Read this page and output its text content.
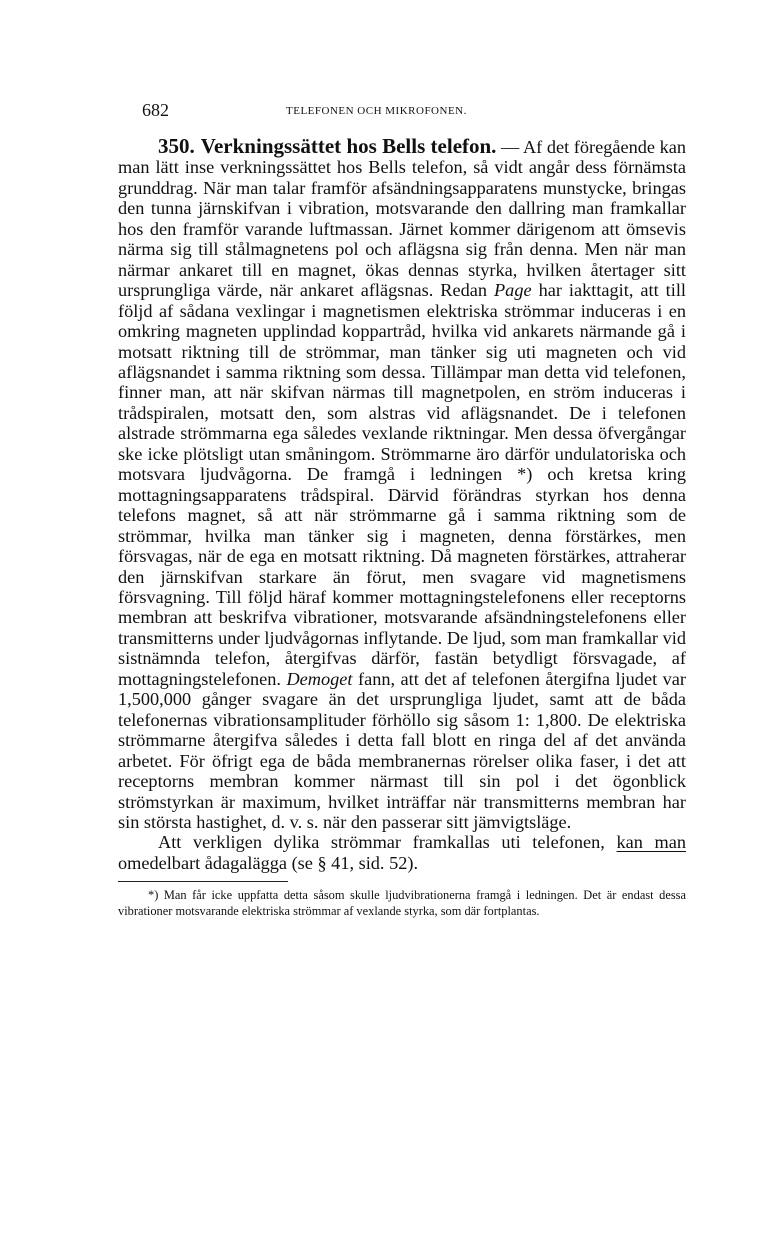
682	TELEFONEN OCH MIKROFONEN.

350. Verkningssättet hos Bells telefon. — Af det föregående kan man lätt inse verkningssättet hos Bells telefon, så vidt angår dess förnämsta grunddrag. När man talar framför afsändningsapparatens munstycke, bringas den tunna järnskifvan i vibration, motsvarande den dallring man framkallar hos den framför varande luftmassan. Järnet kommer därigenom att ömsevis närma sig till stålmagnetens pol och aflägsna sig från denna. Men när man närmar ankaret till en magnet, ökas dennas styrka, hvilken återtager sitt ursprungliga värde, när ankaret aflägsnas. Redan Page har iakttagit, att till följd af sådana vexlingar i magnetismen elektriska strömmar induceras i en omkring magneten upplindad koppartråd, hvilka vid ankarets närmande gå i motsatt riktning till de strömmar, man tänker sig uti magneten och vid aflägsnandet i samma riktning som dessa. Tillämpar man detta vid telefonen, finner man, att när skifvan närmas till magnetpolen, en ström induceras i trådspiralen, motsatt den, som alstras vid aflägsnandet. De i telefonen alstrade strömmarna ega således vexlande riktningar. Men dessa öfvergångar ske icke plötsligt utan småningom. Strömmarne äro därför undulatoriska och motsvara ljudvågorna. De framgå i ledningen *) och kretsa kring mottagningsapparatens trådspiral. Därvid förändras styrkan hos denna telefons magnet, så att när strömmarne gå i samma riktning som de strömmar, hvilka man tänker sig i magneten, denna förstärkes, men försvagas, när de ega en motsatt riktning. Då magneten förstärkes, attraherar den järnskifvan starkare än förut, men svagare vid magnetismens försvagning. Till följd häraf kommer mottagningstelefonens eller receptorns membran att beskrifva vibrationer, motsvarande afsändningstelefonens eller transmitterns under ljudvågornas inflytande. De ljud, som man framkallar vid sistnämnda telefon, återgifvas därför, fastän betydligt försvagade, af mottagningstelefonen. Demoget fann, att det af telefonen återgifna ljudet var 1,500,000 gånger svagare än det ursprungliga ljudet, samt att de båda telefonernas vibrationsamplituder förhöllo sig såsom 1: 1,800. De elektriska strömmarne återgifva således i detta fall blott en ringa del af det använda arbetet. För öfrigt ega de båda membranernas rörelser olika faser, i det att receptorns membran kommer närmast till sin pol i det ögonblick strömstyrkan är maximum, hvilket inträffar när transmitterns membran har sin största hastighet, d. v. s. när den passerar sitt jämvigtsläge.

Att verkligen dylika strömmar framkallas uti telefonen, kan man omedelbart ådagalägga (se § 41, sid. 52).

*) Man får icke uppfatta detta såsom skulle ljudvibrationerna framgå i ledningen. Det är endast dessa vibrationer motsvarande elektriska strömmar af vexlande styrka, som där fortplantas.
